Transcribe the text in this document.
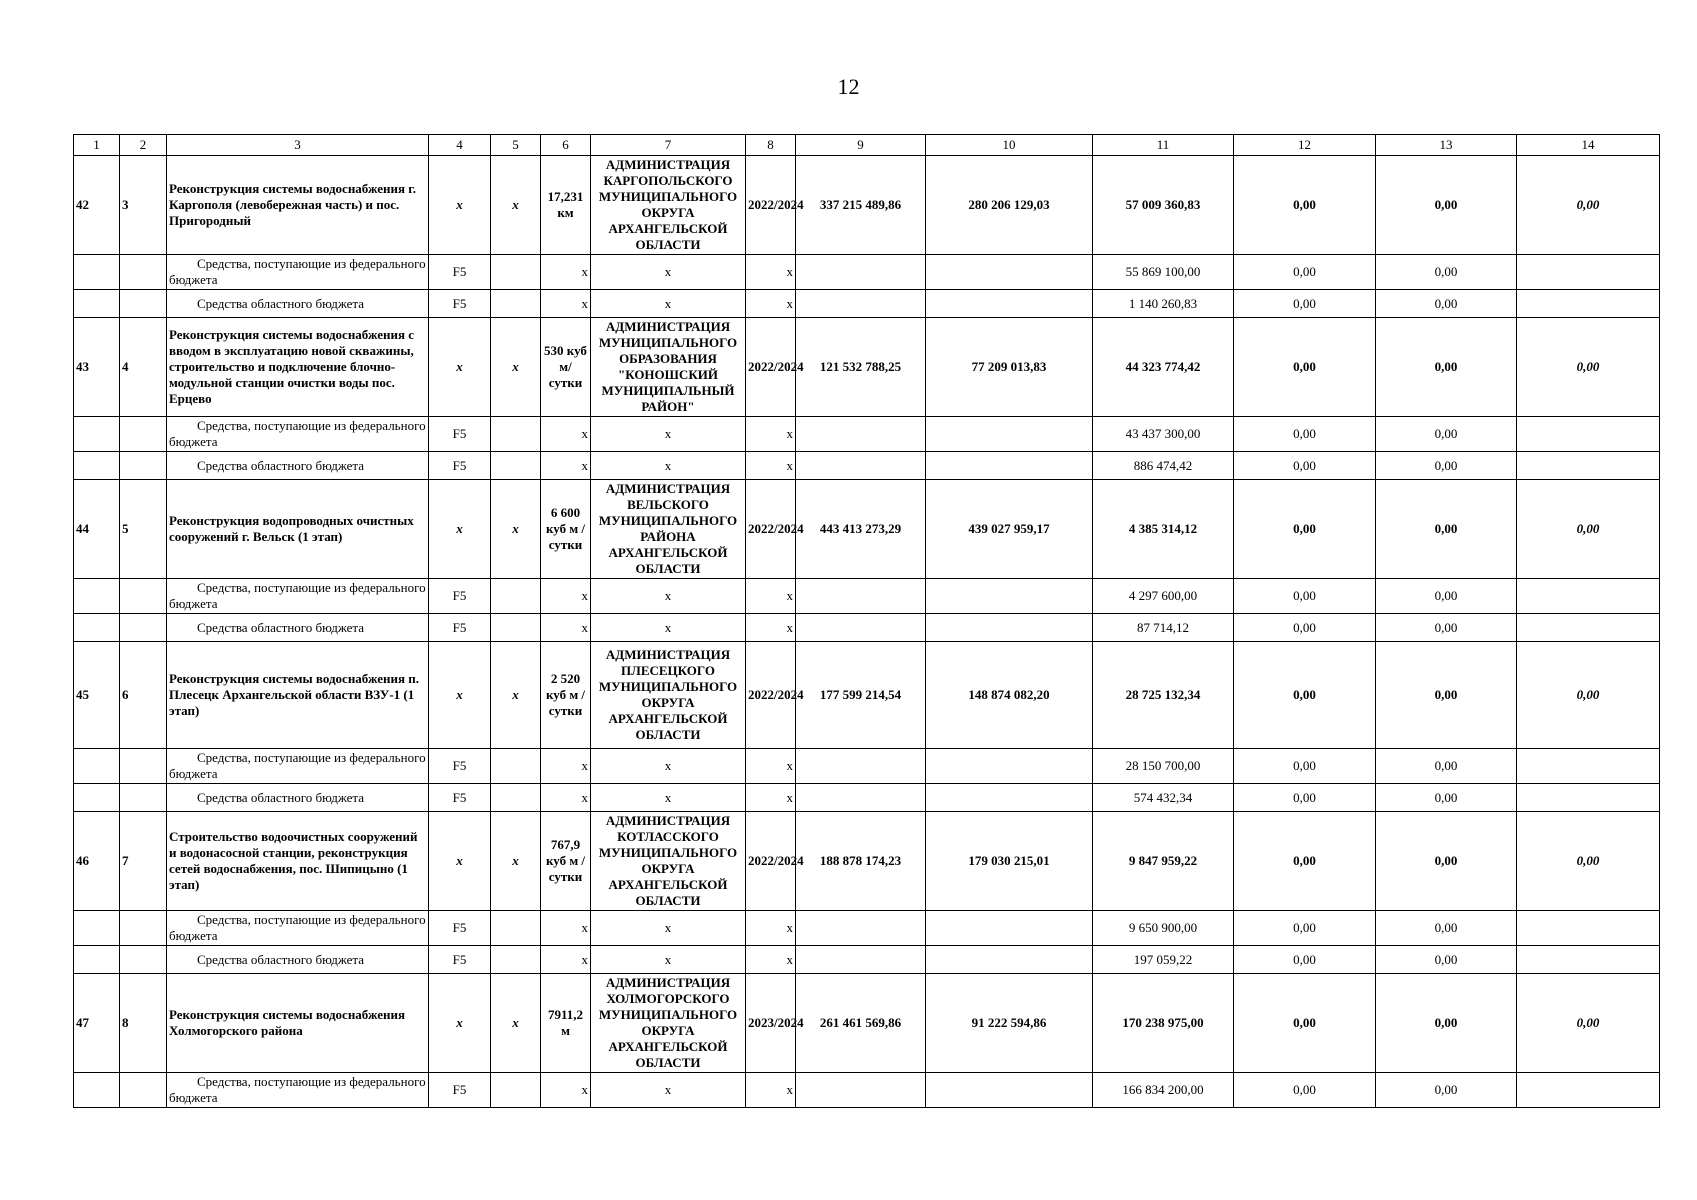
12
1	2	3	4	5	6	7	8	9	10	11	12	13	14
42	3	Реконструкция системы водоснабжения г. Каргополя (левобережная часть) и пос. Пригородный	x	x	17,231 км	АДМИНИСТРАЦИЯ КАРГОПОЛЬСКОГО МУНИЦИПАЛЬНОГО ОКРУГА АРХАНГЕЛЬСКОЙ ОБЛАСТИ	2022/2024	337 215 489,86	280 206 129,03	57 009 360,83	0,00	0,00	0,00

		Средства, поступающие из федерального бюджета	F5		x	x	x			55 869 100,00	0,00	0,00	

		Средства областного бюджета	F5		x	x	x			1 140 260,83	0,00	0,00	
43	4	Реконструкция системы водоснабжения с вводом в эксплуатацию новой скважины, строительство и подключение блочно-модульной станции очистки воды пос. Ерцево	x	x	530 куб м/сутки	АДМИНИСТРАЦИЯ МУНИЦИПАЛЬНОГО ОБРАЗОВАНИЯ "КОНОШСКИЙ МУНИЦИПАЛЬНЫЙ РАЙОН"	2022/2024	121 532 788,25	77 209 013,83	44 323 774,42	0,00	0,00	0,00

		Средства, поступающие из федерального бюджета	F5		x	x	x			43 437 300,00	0,00	0,00	

		Средства областного бюджета	F5		x	x	x			886 474,42	0,00	0,00	
44	5	Реконструкция водопроводных очистных сооружений г. Вельск (1 этап)	x	x	6 600 куб м / сутки	АДМИНИСТРАЦИЯ ВЕЛЬСКОГО МУНИЦИПАЛЬНОГО РАЙОНА АРХАНГЕЛЬСКОЙ ОБЛАСТИ	2022/2024	443 413 273,29	439 027 959,17	4 385 314,12	0,00	0,00	0,00

		Средства, поступающие из федерального бюджета	F5		x	x	x			4 297 600,00	0,00	0,00	

		Средства областного бюджета	F5		x	x	x			87 714,12	0,00	0,00	
45	6	Реконструкция системы водоснабжения п. Плесецк Архангельской области ВЗУ-1 (1 этап)	x	x	2 520 куб м / сутки	АДМИНИСТРАЦИЯ ПЛЕСЕЦКОГО МУНИЦИПАЛЬНОГО ОКРУГА АРХАНГЕЛЬСКОЙ ОБЛАСТИ	2022/2024	177 599 214,54	148 874 082,20	28 725 132,34	0,00	0,00	0,00

		Средства, поступающие из федерального бюджета	F5		x	x	x			28 150 700,00	0,00	0,00	

		Средства областного бюджета	F5		x	x	x			574 432,34	0,00	0,00	
46	7	Строительство водоочистных сооружений и водонасосной станции, реконструкция сетей водоснабжения, пос. Шипицыно (1 этап)	x	x	767,9 куб м / сутки	АДМИНИСТРАЦИЯ КОТЛАССКОГО МУНИЦИПАЛЬНОГО ОКРУГА АРХАНГЕЛЬСКОЙ ОБЛАСТИ	2022/2024	188 878 174,23	179 030 215,01	9 847 959,22	0,00	0,00	0,00

		Средства, поступающие из федерального бюджета	F5		x	x	x			9 650 900,00	0,00	0,00	

		Средства областного бюджета	F5		x	x	x			197 059,22	0,00	0,00	
47	8	Реконструкция системы водоснабжения Холмогорского района	x	x	7911,2 м	АДМИНИСТРАЦИЯ ХОЛМОГОРСКОГО МУНИЦИПАЛЬНОГО ОКРУГА АРХАНГЕЛЬСКОЙ ОБЛАСТИ	2023/2024	261 461 569,86	91 222 594,86	170 238 975,00	0,00	0,00	0,00

		Средства, поступающие из федерального бюджета	F5		x	x	x			166 834 200,00	0,00	0,00	
